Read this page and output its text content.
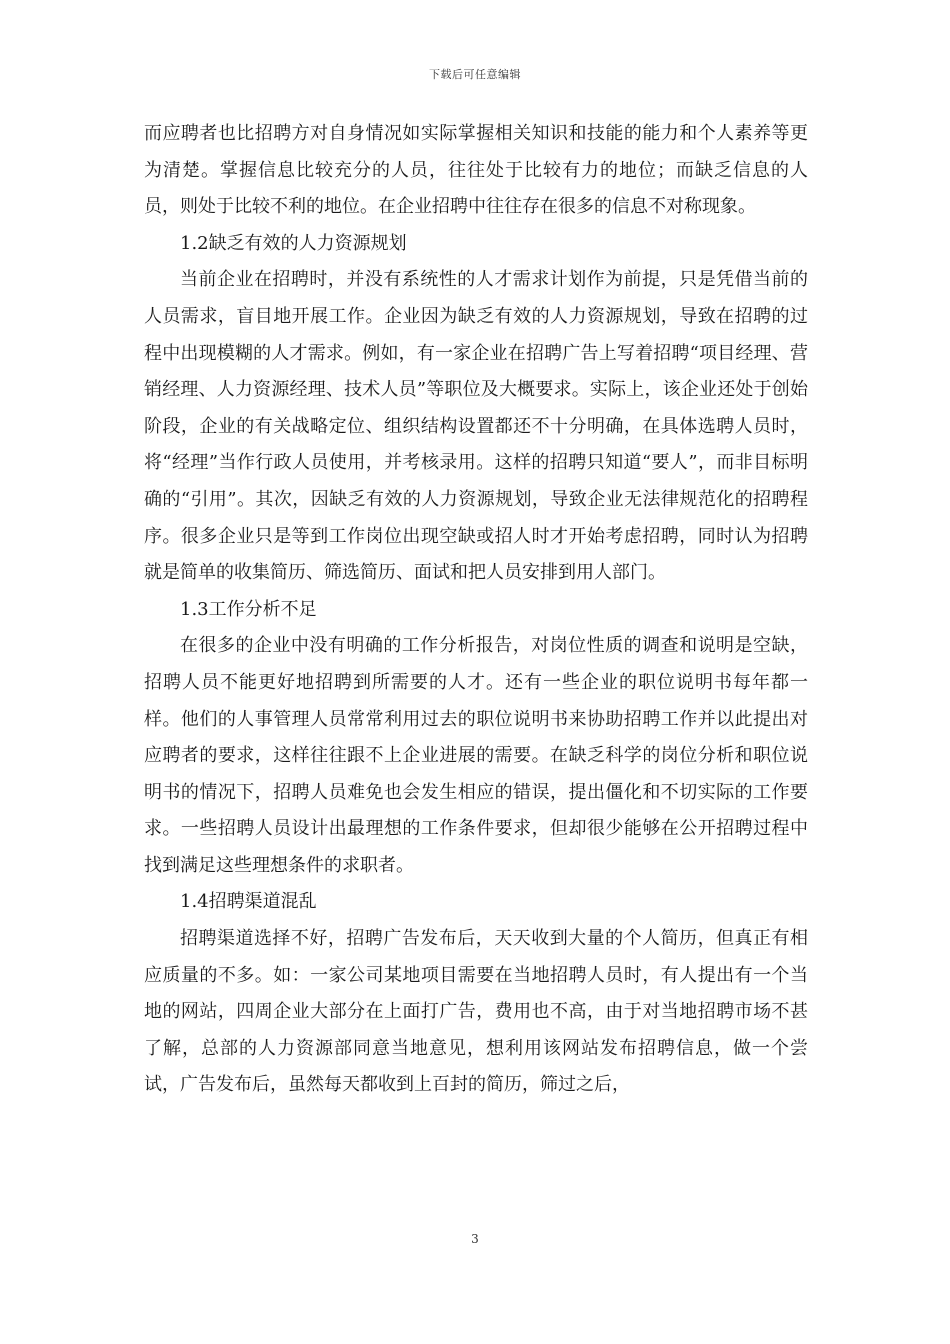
下载后可任意编辑

而应聘者也比招聘方对自身情况如实际掌握相关知识和技能的能力和个人素养等更为清楚。掌握信息比较充分的人员，往往处于比较有力的地位；而缺乏信息的人员，则处于比较不利的地位。在企业招聘中往往存在很多的信息不对称现象。

1.2缺乏有效的人力资源规划

当前企业在招聘时，并没有系统性的人才需求计划作为前提，只是凭借当前的人员需求，盲目地开展工作。企业因为缺乏有效的人力资源规划，导致在招聘的过程中出现模糊的人才需求。例如，有一家企业在招聘广告上写着招聘“项目经理、营销经理、人力资源经理、技术人员”等职位及大概要求。实际上，该企业还处于创始阶段，企业的有关战略定位、组织结构设置都还不十分明确，在具体选聘人员时，将“经理”当作行政人员使用，并考核录用。这样的招聘只知道“要人”，而非目标明确的“引用”。其次，因缺乏有效的人力资源规划，导致企业无法律规范化的招聘程序。很多企业只是等到工作岗位出现空缺或招人时才开始考虑招聘，同时认为招聘就是简单的收集简历、筛选简历、面试和把人员安排到用人部门。

1.3工作分析不足

在很多的企业中没有明确的工作分析报告，对岗位性质的调查和说明是空缺，招聘人员不能更好地招聘到所需要的人才。还有一些企业的职位说明书每年都一样。他们的人事管理人员常常利用过去的职位说明书来协助招聘工作并以此提出对应聘者的要求，这样往往跟不上企业进展的需要。在缺乏科学的岗位分析和职位说明书的情况下，招聘人员难免也会发生相应的错误，提出僵化和不切实际的工作要求。一些招聘人员设计出最理想的工作条件要求，但却很少能够在公开招聘过程中找到满足这些理想条件的求职者。

1.4招聘渠道混乱

招聘渠道选择不好，招聘广告发布后，天天收到大量的个人简历，但真正有相应质量的不多。如：一家公司某地项目需要在当地招聘人员时，有人提出有一个当地的网站，四周企业大部分在上面打广告，费用也不高，由于对当地招聘市场不甚了解，总部的人力资源部同意当地意见，想利用该网站发布招聘信息，做一个尝试，广告发布后，虽然每天都收到上百封的简历，筛过之后，

3
